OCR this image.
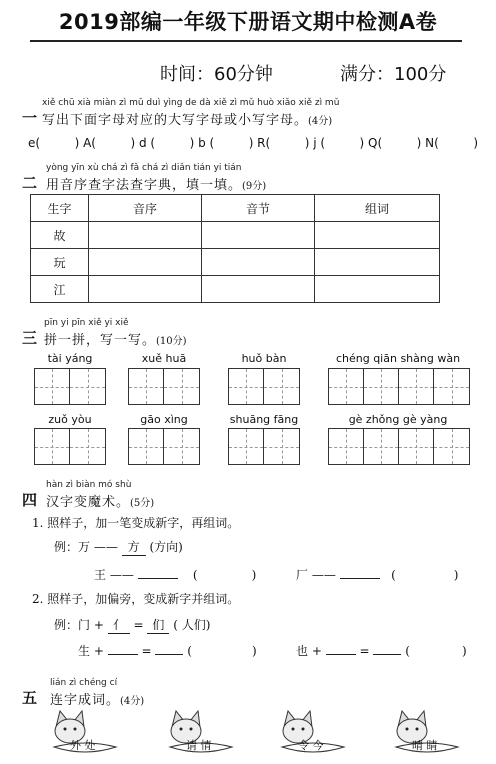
2019部编一年级下册语文期中检测A卷
时间：60分钟	满分：100分
xiě chū xià miàn zì mǔ duì yìng de dà xiě zì mǔ huò xiǎo xiě zì mǔ
一 写出下面字母对应的大写字母或小写字母。(4分)
e(	) A(	) d (	) b (	) R(	) j (	) Q(	) N(	)
yòng yīn xù chá zì fǎ chá zì diǎn tián yi tián
二 用音序查字法查字典，填一填。(9分)
生字	音序	音节	组词
故			
玩			
江			
pīn yi pīn xiě yi xiě
三 拼一拼，写一写。(10分)
tài yáng	xuě huā	huǒ bàn	chéng qiān shàng wàn
zuǒ yòu	gāo xìng	shuāng fāng	gè zhǒng gè yàng
hàn zì biàn mó shù
四 汉字变魔术。(5分)
1. 照样子，加一笔变成新字，再组词。
例：万 —— 方 (方向)
王 ——	(	)	厂 ——	(	)
2. 照样子，加偏旁，变成新字并组词。
例：门 + 亻 = 们 ( 人们)
生 +	=	(	)	也 +	=	(	)
lián zì chéng cí
五 连字成词。(4分)
外 处	请 情	令 今	晴 睛
